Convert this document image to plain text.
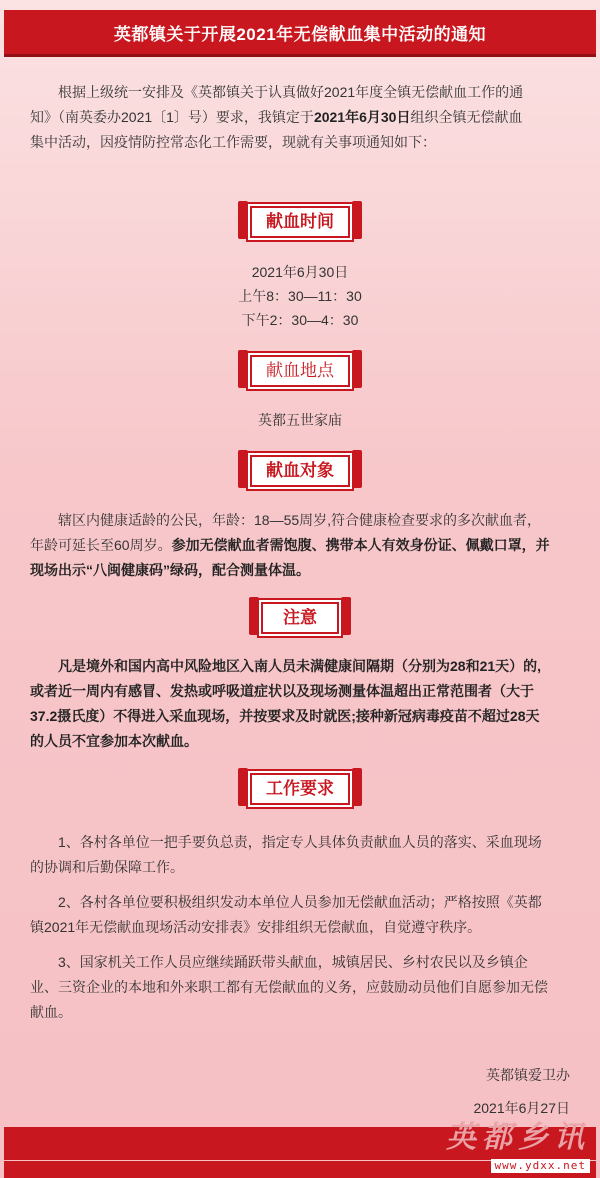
英都镇关于开展2021年无偿献血集中活动的通知
根据上级统一安排及《英都镇关于认真做好2021年度全镇无偿献血工作的通
知》（南英委办2021〔1〕号）要求，我镇定于2021年6月30日组织全镇无偿献血
集中活动，因疫情防控常态化工作需要，现就有关事项通知如下：
献血时间
2021年6月30日
上午8：30—11：30
下午2：30—4：30
献血地点
英都五世家庙
献血对象
辖区内健康适龄的公民，年龄：18—55周岁,符合健康检查要求的多次献血者，
年龄可延长至60周岁。参加无偿献血者需饱腹、携带本人有效身份证、佩戴口罩，并
现场出示“八闽健康码”绿码，配合测量体温。
注意
凡是境外和国内高中风险地区入南人员未满健康间隔期（分别为28和21天）的,
或者近一周内有感冒、发热或呼吸道症状以及现场测量体温超出正常范围者（大于
37.2摄氏度）不得进入采血现场，并按要求及时就医;接种新冠病毒疫苗不超过28天
的人员不宜参加本次献血。
工作要求
1、各村各单位一把手要负总责，指定专人具体负责献血人员的落实、采血现场
的协调和后勤保障工作。
2、各村各单位要积极组织发动本单位人员参加无偿献血活动；严格按照《英都
镇2021年无偿献血现场活动安排表》安排组织无偿献血，自觉遵守秩序。
3、国家机关工作人员应继续踊跃带头献血，城镇居民、乡村农民以及乡镇企
业、三资企业的本地和外来职工都有无偿献血的义务，应鼓励动员他们自愿参加无偿
献血。
英都镇爱卫办
2021年6月27日
英都乡讯
www.ydxx.net
